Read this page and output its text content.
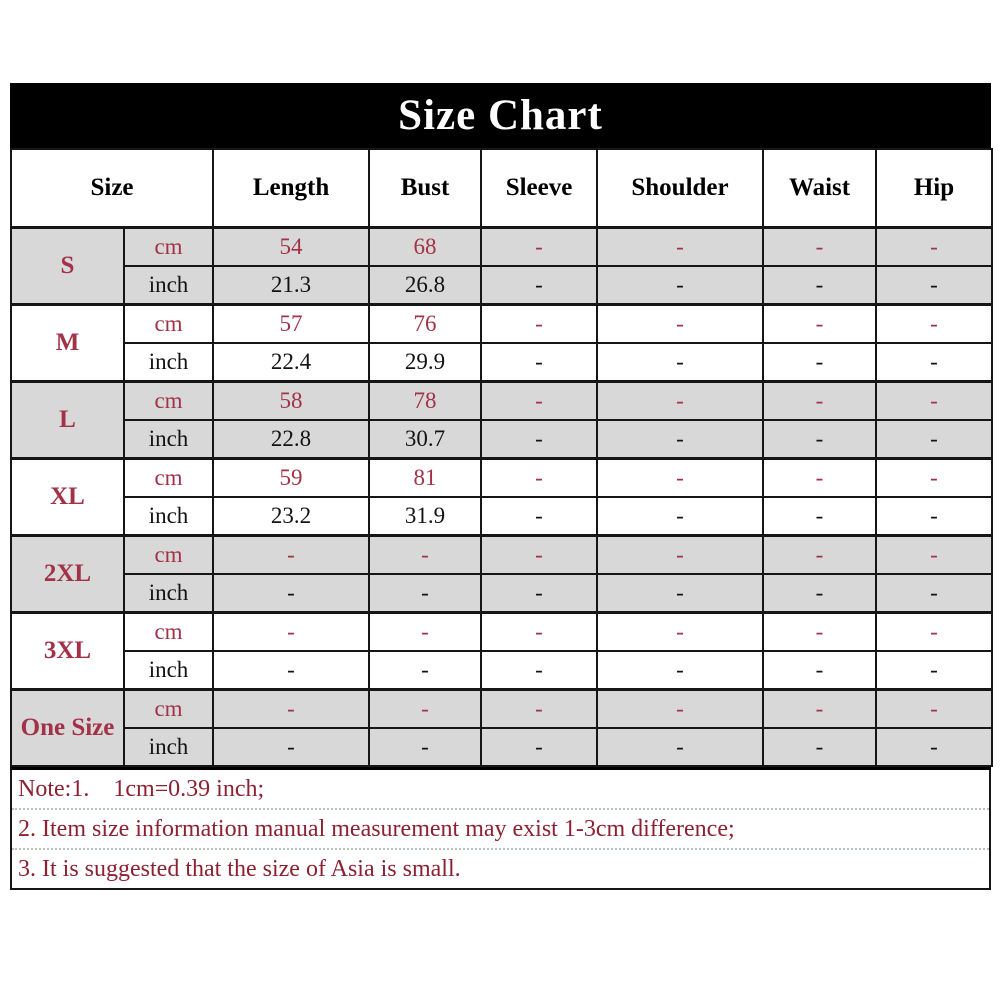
Size Chart
Size		Length	Bust	Sleeve	Shoulder	Waist	Hip
S	cm	54	68	-	-	-	-
	inch	21.3	26.8	-	-	-	-
M	cm	57	76	-	-	-	-
	inch	22.4	29.9	-	-	-	-
L	cm	58	78	-	-	-	-
	inch	22.8	30.7	-	-	-	-
XL	cm	59	81	-	-	-	-
	inch	23.2	31.9	-	-	-	-
2XL	cm	-	-	-	-	-	-
	inch	-	-	-	-	-	-
3XL	cm	-	-	-	-	-	-
	inch	-	-	-	-	-	-
One Size	cm	-	-	-	-	-	-
	inch	-	-	-	-	-	-
Note:1.    1cm=0.39 inch;
2. Item size information manual measurement may exist 1-3cm difference;
3. It is suggested that the size of Asia is small.
